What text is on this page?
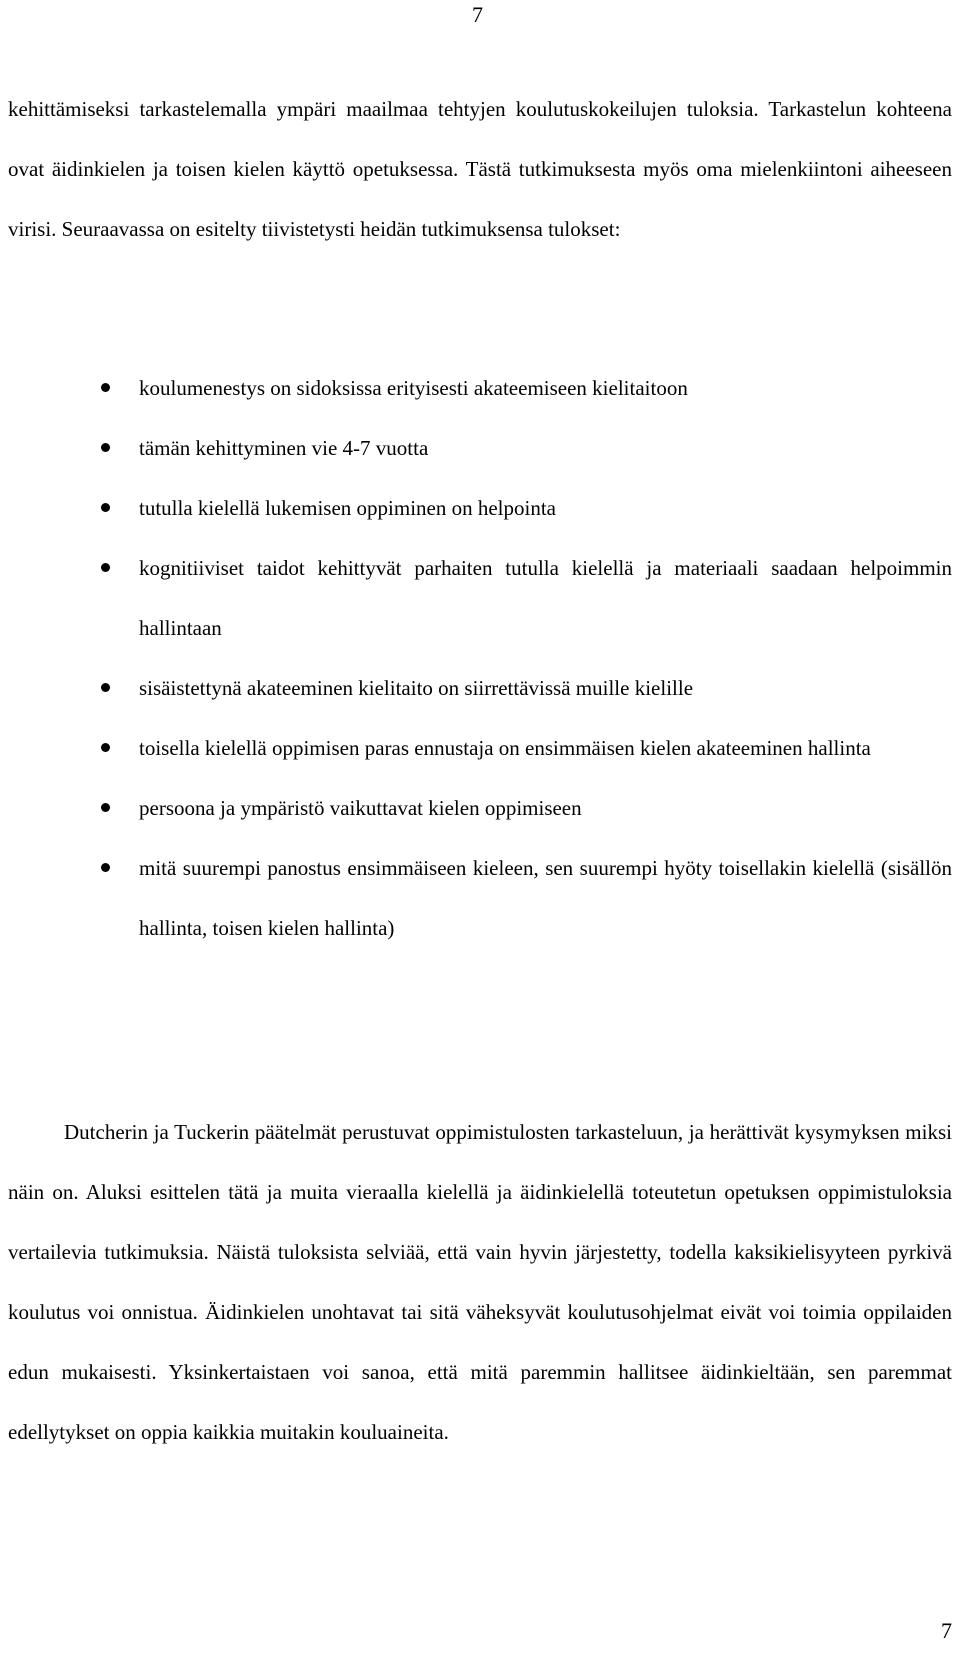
7

kehittämiseksi tarkastelemalla ympäri maailmaa tehtyjen koulutuskokeilujen tuloksia. Tarkastelun kohteena ovat äidinkielen ja toisen kielen käyttö opetuksessa. Tästä tutkimuksesta myös oma mielenkiintoni aiheeseen virisi. Seuraavassa on esitelty tiivistetysti heidän tutkimuksensa tulokset:

koulumenestys on sidoksissa erityisesti akateemiseen kielitaitoon
tämän kehittyminen vie 4-7 vuotta
tutulla kielellä lukemisen oppiminen on helpointa
kognitiiviset taidot kehittyvät parhaiten tutulla kielellä ja materiaali saadaan helpoimmin hallintaan
sisäistettynä akateeminen kielitaito on siirrettävissä muille kielille
toisella kielellä oppimisen paras ennustaja on ensimmäisen kielen akateeminen hallinta
persoona ja ympäristö vaikuttavat kielen oppimiseen
mitä suurempi panostus ensimmäiseen kieleen, sen suurempi hyöty toisellakin kielellä (sisällön hallinta, toisen kielen hallinta)

Dutcherin ja Tuckerin päätelmät perustuvat oppimistulosten tarkasteluun, ja herättivät kysymyksen miksi näin on. Aluksi esittelen tätä ja muita vieraalla kielellä ja äidinkielellä toteutetun opetuksen oppimistuloksia vertailevia tutkimuksia. Näistä tuloksista selviää, että vain hyvin järjestetty, todella kaksikielisyyteen pyrkivä koulutus voi onnistua. Äidinkielen unohtavat tai sitä väheksyvät koulutusohjelmat eivät voi toimia oppilaiden edun mukaisesti. Yksinkertaistaen voi sanoa, että mitä paremmin hallitsee äidinkieltään, sen paremmat edellytykset on oppia kaikkia muitakin kouluaineita.

7
